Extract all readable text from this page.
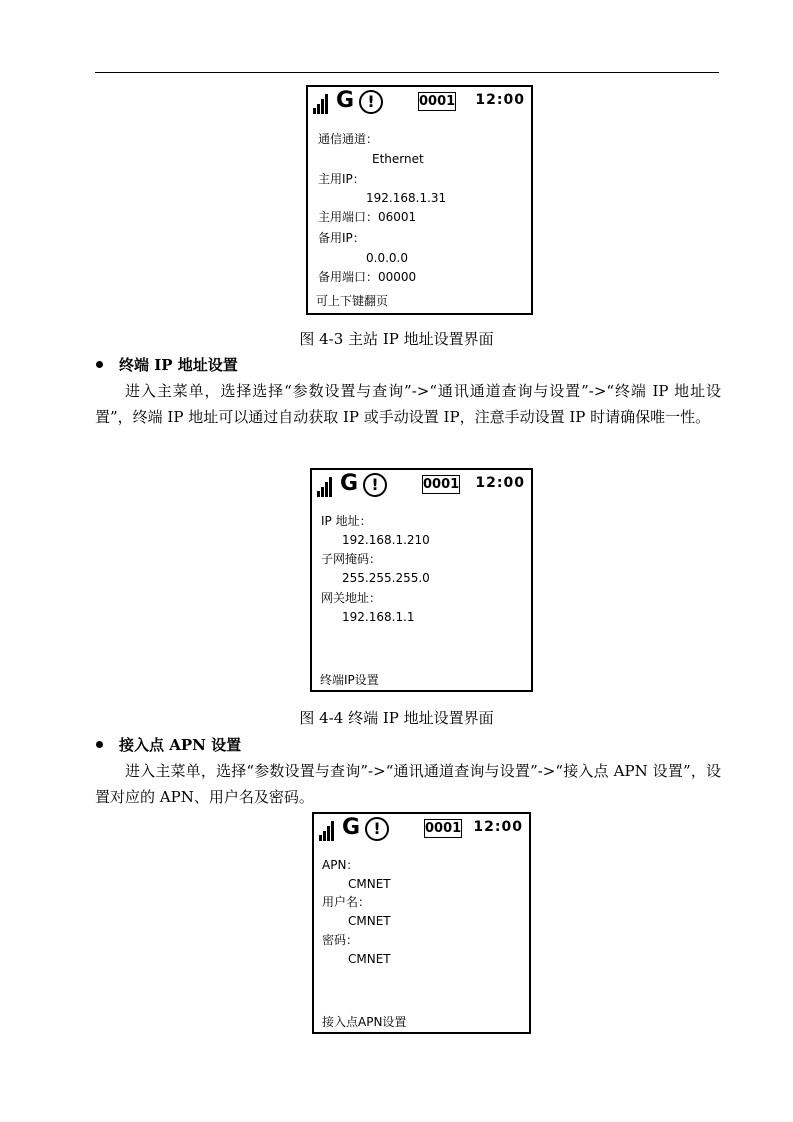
G !	0001 12:00
通信通道：
Ethernet
主用IP：
192.168.1.31
主用端口：06001
备用IP：
0.0.0.0
备用端口：00000
可上下键翻页
图 4-3 主站 IP 地址设置界面
终端 IP 地址设置
进入主菜单，选择选择“参数设置与查询”->“通讯通道查询与设置”->“终端 IP 地址设置”，终端 IP 地址可以通过自动获取 IP 或手动设置 IP，注意手动设置 IP 时请确保唯一性。
G !	0001 12:00
IP 地址：
192.168.1.210
子网掩码：
255.255.255.0
网关地址：
192.168.1.1
终端IP设置
图 4-4 终端 IP 地址设置界面
接入点 APN 设置
进入主菜单，选择“参数设置与查询”->“通讯通道查询与设置”->“接入点 APN 设置”，设置对应的 APN、用户名及密码。
G !	0001 12:00
APN：
CMNET
用户名：
CMNET
密码：
CMNET
接入点APN设置
